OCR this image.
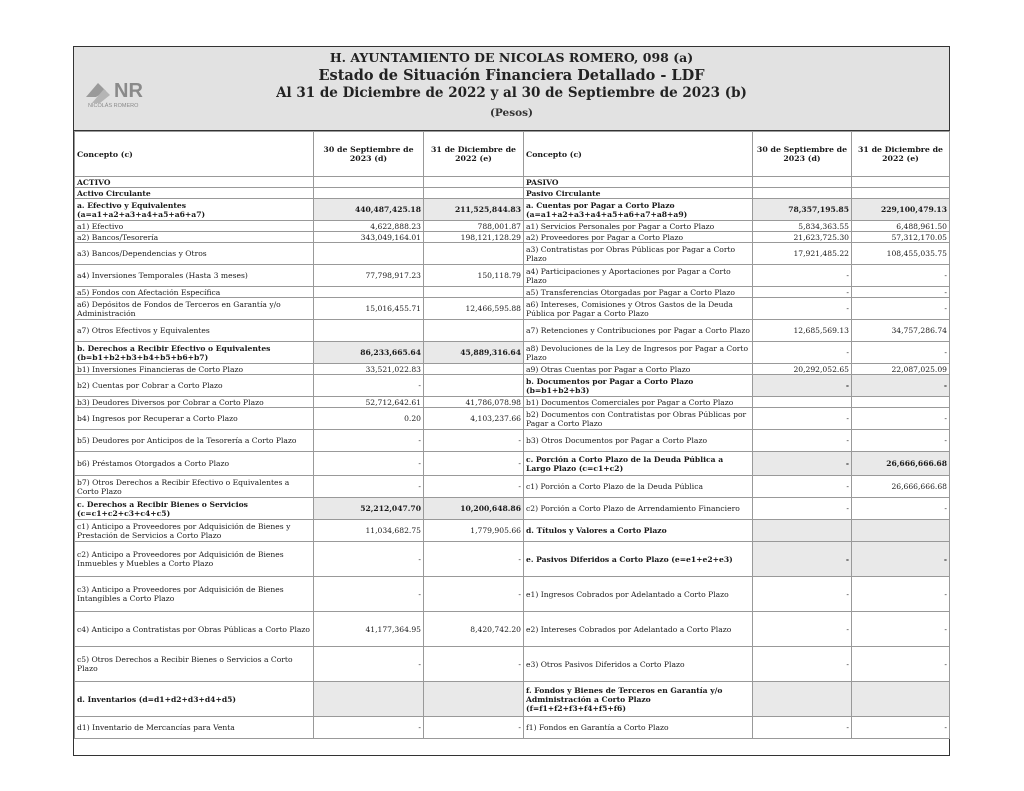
NR
NICOLÁS ROMERO
H. AYUNTAMIENTO DE NICOLAS ROMERO, 098 (a)
Estado de Situación Financiera Detallado - LDF
Al 31 de Diciembre de 2022 y al 30 de Septiembre de 2023 (b)
(Pesos)
Concepto (c)	30 de Septiembre de 2023 (d)	31 de Diciembre de 2022 (e)	Concepto (c)	30 de Septiembre de 2023 (d)	31 de Diciembre de 2022 (e)
ACTIVO			PASIVO		
Activo Circulante			Pasivo Circulante		
a. Efectivo y Equivalentes (a=a1+a2+a3+a4+a5+a6+a7)	440,487,425.18	211,525,844.83	a. Cuentas por Pagar a Corto Plazo (a=a1+a2+a3+a4+a5+a6+a7+a8+a9)	78,357,195.85	229,100,479.13
a1) Efectivo	4,622,888.23	788,001.87	a1) Servicios Personales por Pagar a Corto Plazo	5,834,363.55	6,488,961.50
a2) Bancos/Tesorería	343,049,164.01	198,121,128.29	a2) Proveedores por Pagar a Corto Plazo	21,623,725.30	57,312,170.05
a3) Bancos/Dependencias y Otros			a3) Contratistas por Obras Públicas por Pagar a Corto Plazo	17,921,485.22	108,455,035.75
a4) Inversiones Temporales (Hasta 3 meses)	77,798,917.23	150,118.79	a4) Participaciones y Aportaciones por Pagar a Corto Plazo	-	-
a5) Fondos con Afectación Específica			a5) Transferencias Otorgadas por Pagar a Corto Plazo	-	-
a6) Depósitos de Fondos de Terceros en Garantía y/o Administración	15,016,455.71	12,466,595.88	a6) Intereses, Comisiones y Otros Gastos de la Deuda Pública por Pagar a Corto Plazo	-	-
a7) Otros Efectivos y Equivalentes			a7) Retenciones y Contribuciones por Pagar a Corto Plazo	12,685,569.13	34,757,286.74
b. Derechos a Recibir Efectivo o Equivalentes (b=b1+b2+b3+b4+b5+b6+b7)	86,233,665.64	45,889,316.64	a8) Devoluciones de la Ley de Ingresos por Pagar a Corto Plazo	-	-
b1) Inversiones Financieras de Corto Plazo	33,521,022.83		a9) Otras Cuentas por Pagar a Corto Plazo	20,292,052.65	22,087,025.09
b2) Cuentas por Cobrar a Corto Plazo	-		b. Documentos por Pagar a Corto Plazo (b=b1+b2+b3)	-	-
b3) Deudores Diversos por Cobrar a Corto Plazo	52,712,642.61	41,786,078.98	b1) Documentos Comerciales por Pagar a Corto Plazo		
b4) Ingresos por Recuperar a Corto Plazo	0.20	4,103,237.66	b2) Documentos con Contratistas por Obras Públicas por Pagar a Corto Plazo	-	-
b5) Deudores por Anticipos de la Tesorería a Corto Plazo	-	-	b3) Otros Documentos por Pagar a Corto Plazo	-	-
b6) Préstamos Otorgados a Corto Plazo	-	-	c. Porción a Corto Plazo de la Deuda Pública a Largo Plazo (c=c1+c2)	-	26,666,666.68
b7) Otros Derechos a Recibir Efectivo o Equivalentes a Corto Plazo	-	-	c1) Porción a Corto Plazo de la Deuda Pública	-	26,666,666.68
c. Derechos a Recibir Bienes o Servicios (c=c1+c2+c3+c4+c5)	52,212,047.70	10,200,648.86	c2) Porción a Corto Plazo de Arrendamiento Financiero	-	-
c1) Anticipo a Proveedores por Adquisición de Bienes y Prestación de Servicios a Corto Plazo	11,034,682.75	1,779,905.66	d. Títulos y Valores a Corto Plazo		
c2) Anticipo a Proveedores por Adquisición de Bienes Inmuebles y Muebles a Corto Plazo	-	-	e. Pasivos Diferidos a Corto Plazo (e=e1+e2+e3)	-	-
c3) Anticipo a Proveedores por Adquisición de Bienes Intangibles a Corto Plazo	-	-	e1) Ingresos Cobrados por Adelantado a Corto Plazo	-	-
c4) Anticipo a Contratistas por Obras Públicas a Corto Plazo	41,177,364.95	8,420,742.20	e2) Intereses Cobrados por Adelantado a Corto Plazo	-	-
c5) Otros Derechos a Recibir Bienes o Servicios a Corto Plazo	-	-	e3) Otros Pasivos Diferidos a Corto Plazo	-	-
d. Inventarios (d=d1+d2+d3+d4+d5)			f. Fondos y Bienes de Terceros en Garantía y/o Administración a Corto Plazo (f=f1+f2+f3+f4+f5+f6)		
d1) Inventario de Mercancías para Venta	-	-	f1) Fondos en Garantía a Corto Plazo	-	-
